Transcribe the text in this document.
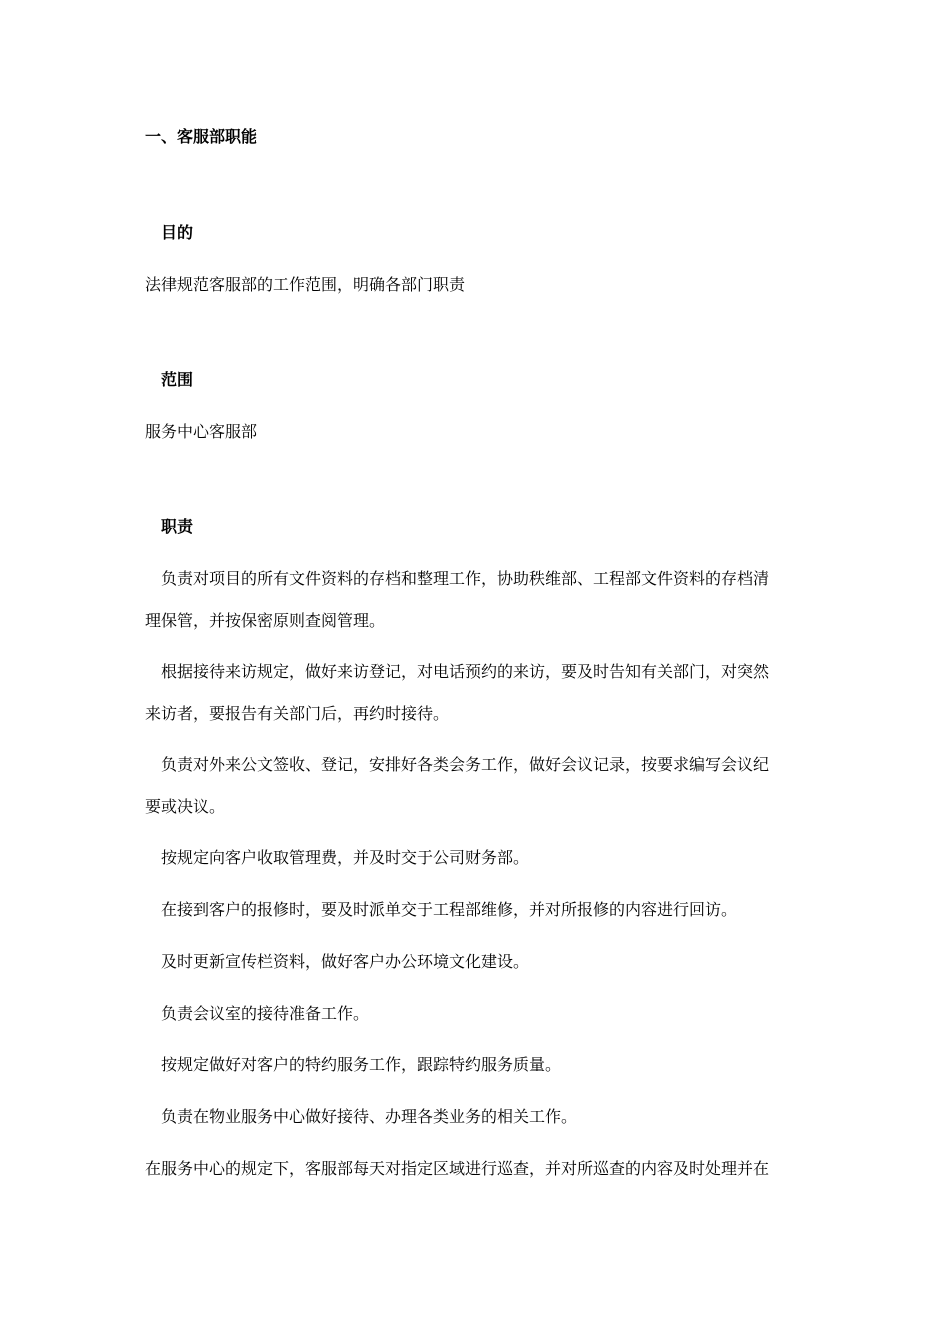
一、客服部职能
目的
法律规范客服部的工作范围，明确各部门职责
范围
服务中心客服部
职责
负责对项目的所有文件资料的存档和整理工作，协助秩维部、工程部文件资料的存档清
理保管，并按保密原则查阅管理。
根据接待来访规定，做好来访登记，对电话预约的来访，要及时告知有关部门，对突然
来访者，要报告有关部门后，再约时接待。
负责对外来公文签收、登记，安排好各类会务工作，做好会议记录，按要求编写会议纪
要或决议。
按规定向客户收取管理费，并及时交于公司财务部。
在接到客户的报修时，要及时派单交于工程部维修，并对所报修的内容进行回访。
及时更新宣传栏资料，做好客户办公环境文化建设。
负责会议室的接待准备工作。
按规定做好对客户的特约服务工作，跟踪特约服务质量。
负责在物业服务中心做好接待、办理各类业务的相关工作。
在服务中心的规定下，客服部每天对指定区域进行巡查，并对所巡查的内容及时处理并在
